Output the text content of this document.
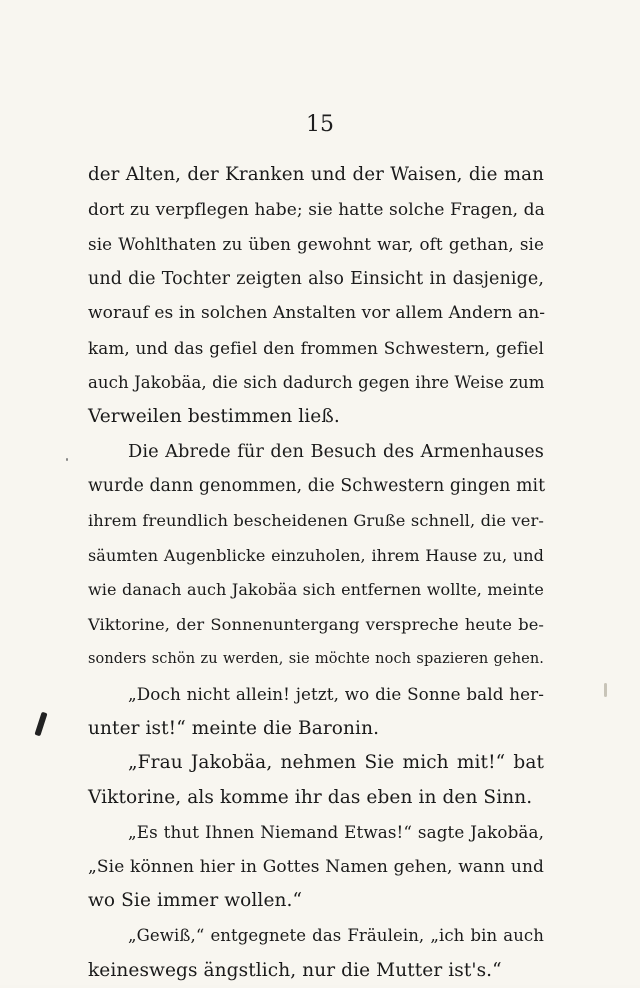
15
der Alten, der Kranken und der Waisen, die man
dort zu verpflegen habe; sie hatte solche Fragen, da
sie Wohlthaten zu üben gewohnt war, oft gethan, sie
und die Tochter zeigten also Einsicht in dasjenige,
worauf es in solchen Anstalten vor allem Andern an-
kam, und das gefiel den frommen Schwestern, gefiel
auch Jakobäa, die sich dadurch gegen ihre Weise zum
Verweilen bestimmen ließ.
Die Abrede für den Besuch des Armenhauses
wurde dann genommen, die Schwestern gingen mit
ihrem freundlich bescheidenen Gruße schnell, die ver-
säumten Augenblicke einzuholen, ihrem Hause zu, und
wie danach auch Jakobäa sich entfernen wollte, meinte
Viktorine, der Sonnenuntergang verspreche heute be-
sonders schön zu werden, sie möchte noch spazieren gehen.
„Doch nicht allein! jetzt, wo die Sonne bald her-
unter ist!“ meinte die Baronin.
„Frau Jakobäa, nehmen Sie mich mit!“ bat
Viktorine, als komme ihr das eben in den Sinn.
„Es thut Ihnen Niemand Etwas!“ sagte Jakobäa,
„Sie können hier in Gottes Namen gehen, wann und
wo Sie immer wollen.“
„Gewiß,“ entgegnete das Fräulein, „ich bin auch
keineswegs ängstlich, nur die Mutter ist's.“
